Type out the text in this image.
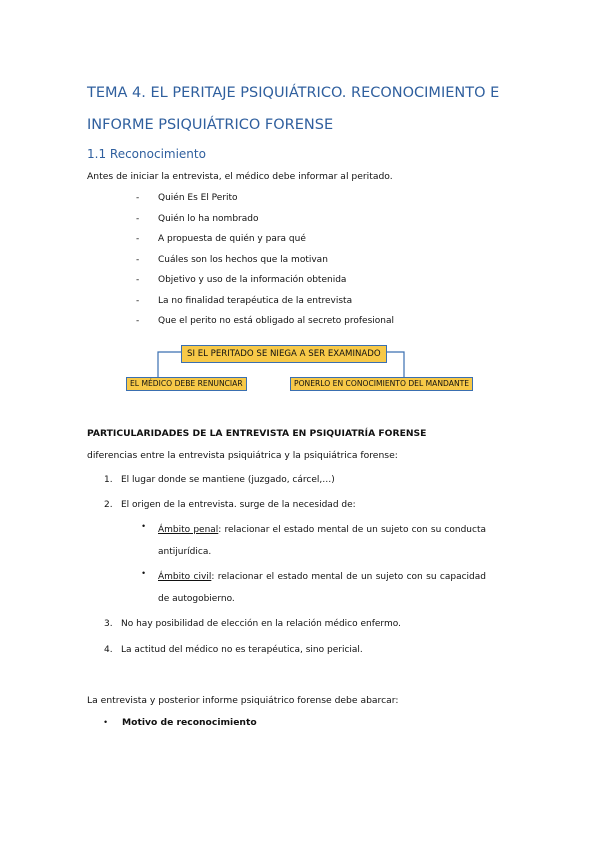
TEMA 4. EL PERITAJE PSIQUIÁTRICO. RECONOCIMIENTO E
INFORME PSIQUIÁTRICO FORENSE
1.1 Reconocimiento
Antes de iniciar la entrevista, el médico debe informar al peritado.
- Quién Es El Perito
- Quién lo ha nombrado
- A propuesta de quién y para qué
- Cuáles son los hechos que la motivan
- Objetivo y uso de la información obtenida
- La no finalidad terapéutica de la entrevista
- Que el perito no está obligado al secreto profesional
SI EL PERITADO SE NIEGA A SER EXAMINADO
EL MÉDICO DEBE RENUNCIAR	PONERLO EN CONOCIMIENTO DEL MANDANTE
PARTICULARIDADES DE LA ENTREVISTA EN PSIQUIATRÍA FORENSE
diferencias entre la entrevista psiquiátrica y la psiquiátrica forense:
1. El lugar donde se mantiene (juzgado, cárcel,…)
2. El origen de la entrevista. surge de la necesidad de:
• Ámbito penal: relacionar el estado mental de un sujeto con su conducta antijurídica.
• Ámbito civil: relacionar el estado mental de un sujeto con su capacidad de autogobierno.
3. No hay posibilidad de elección en la relación médico enfermo.
4. La actitud del médico no es terapéutica, sino pericial.
La entrevista y posterior informe psiquiátrico forense debe abarcar:
• Motivo de reconocimiento
